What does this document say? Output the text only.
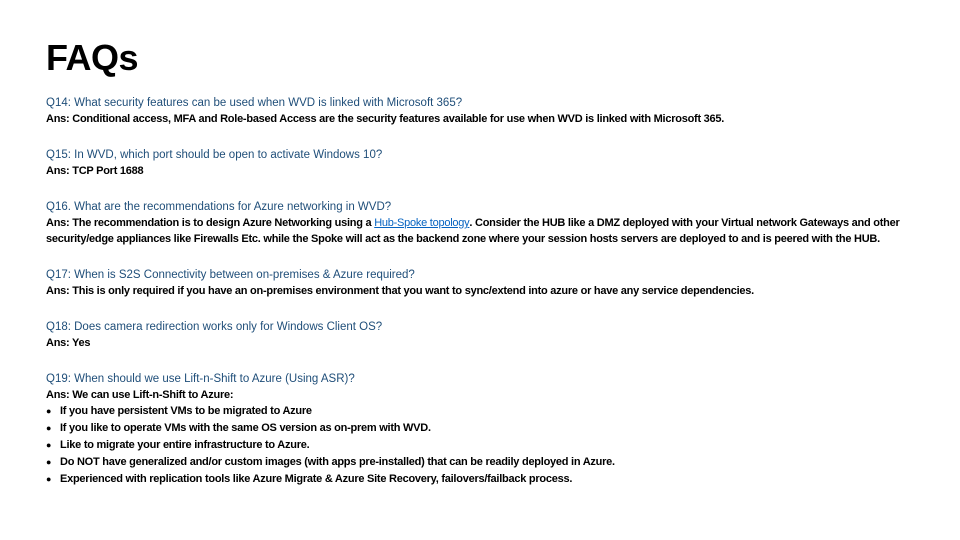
FAQs
Q14: What security features can be used when WVD is linked with Microsoft 365?
Ans: Conditional access, MFA and Role-based Access are the security features available for use when WVD is linked with Microsoft 365.
Q15: In WVD, which port should be open to activate Windows 10?
Ans: TCP Port 1688
Q16. What are the recommendations for Azure networking in WVD?
Ans: The recommendation is to design Azure Networking using a Hub-Spoke topology. Consider the HUB like a DMZ deployed with your Virtual network Gateways and other security/edge appliances like Firewalls Etc. while the Spoke will act as the backend zone where your session hosts servers are deployed to and is peered with the HUB.
Q17: When is S2S Connectivity between on-premises & Azure required?
Ans: This is only required if you have an on-premises environment that you want to sync/extend into azure or have any service dependencies.
Q18: Does camera redirection works only for Windows Client OS?
Ans: Yes
Q19: When should we use Lift-n-Shift to Azure (Using ASR)?
Ans: We can use Lift-n-Shift to Azure:
● If you have persistent VMs to be migrated to Azure
● If you like to operate VMs with the same OS version as on-prem with WVD.
● Like to migrate your entire infrastructure to Azure.
● Do NOT have generalized and/or custom images (with apps pre-installed) that can be readily deployed in Azure.
● Experienced with replication tools like Azure Migrate & Azure Site Recovery, failovers/failback process.
